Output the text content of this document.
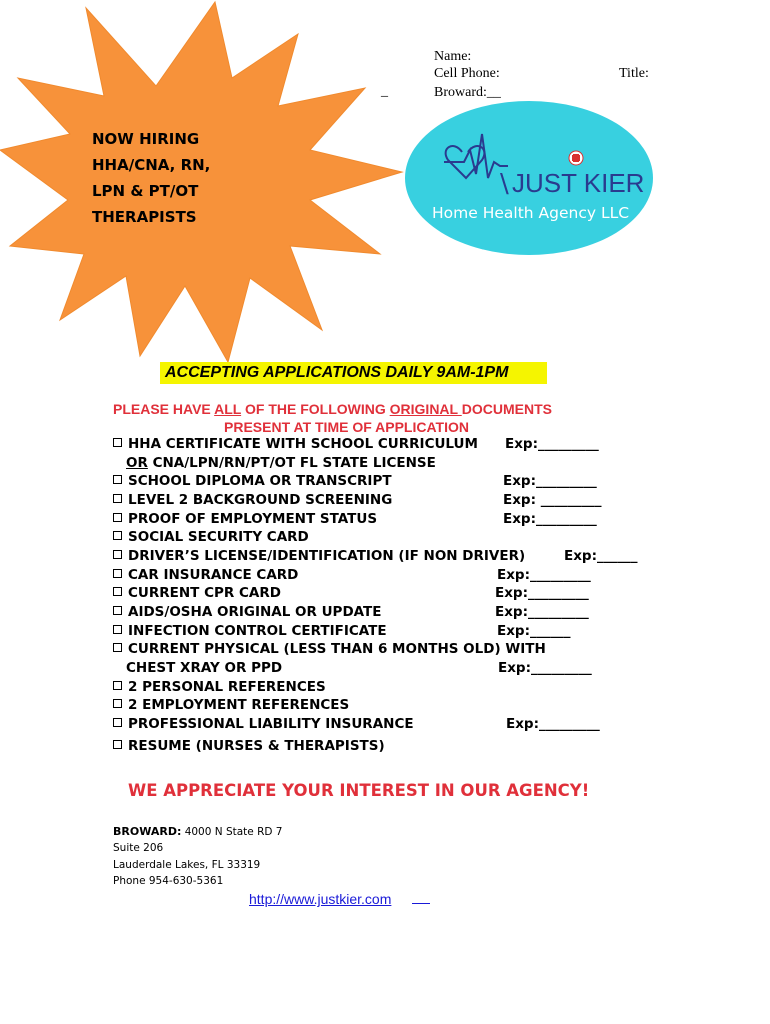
Name:
Cell Phone:	Title:
Broward:__
_
NOW HIRING
HHA/CNA, RN,
LPN & PT/OT
THERAPISTS
\ JUST KIER
Home Health Agency LLC
ACCEPTING APPLICATIONS DAILY 9AM-1PM
PLEASE HAVE ALL OF THE FOLLOWING ORIGINAL DOCUMENTS
PRESENT AT TIME OF APPLICATION
HHA CERTIFICATE WITH SCHOOL CURRICULUM Exp:_________
OR CNA/LPN/RN/PT/OT FL STATE LICENSE
SCHOOL DIPLOMA OR TRANSCRIPT	Exp:_________
LEVEL 2 BACKGROUND SCREENING	Exp: _________
PROOF OF EMPLOYMENT STATUS	Exp:_________
SOCIAL SECURITY CARD
DRIVER’S LICENSE/IDENTIFICATION (IF NON DRIVER)	Exp:______
CAR INSURANCE CARD	Exp:_________
CURRENT CPR CARD	Exp:_________
AIDS/OSHA ORIGINAL OR UPDATE	Exp:_________
INFECTION CONTROL CERTIFICATE	Exp:______
CURRENT PHYSICAL (LESS THAN 6 MONTHS OLD) WITH
CHEST XRAY OR PPD	Exp:_________
2 PERSONAL REFERENCES
2 EMPLOYMENT REFERENCES
PROFESSIONAL LIABILITY INSURANCE	Exp:_________
RESUME (NURSES & THERAPISTS)
WE APPRECIATE YOUR INTEREST IN OUR AGENCY!
BROWARD: 4000 N State RD 7
Suite 206
Lauderdale Lakes, FL 33319
Phone 954-630-5361
http://www.justkier.com
